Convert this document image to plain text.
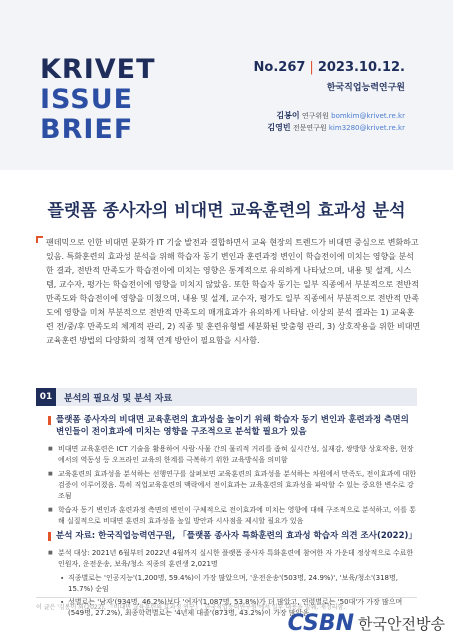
KRIVET
ISSUE
BRIEF
No.267 | 2023.10.12.
한국직업능력연구원
김봉이 연구위원 bomkim@krivet.re.kr
김영빈 전문연구원 kim3280@krivet.re.kr
플랫폼 종사자의 비대면 교육훈련의 효과성 분석
팬데믹으로 인한 비대면 문화가 IT 기술 발전과 결합하면서 교육 현장의 트렌드가 비대면 중심으로 변화하고 있음. 특화훈련의 효과성 분석을 위해 학습자 동기 변인과 훈련과정 변인이 학습전이에 미치는 영향을 분석한 결과, 전반적 만족도가 학습전이에 미치는 영향은 통계적으로 유의하게 나타났으며, 내용 및 설계, 시스템, 교수자, 평가는 학습전이에 영향을 미치지 않았음. 또한 학습자 동기는 일부 직종에서 부분적으로 전반적 만족도와 학습전이에 영향을 미쳤으며, 내용 및 설계, 교수자, 평가도 일부 직종에서 부분적으로 전반적 만족도에 영향을 미쳐 부분적으로 전반적 만족도의 매개효과가 유의하게 나타남. 이상의 분석 결과는 1) 교육훈련 전/중/후 만족도의 체계적 관리, 2) 직종 및 훈련유형별 세분화된 맞춤형 관리, 3) 상호작용을 위한 비대면 교육훈련 방법의 다양화의 정책 연계 방안이 필요함을 시사함.
01	분석의 필요성 및 분석 자료
플랫폼 종사자의 비대면 교육훈련의 효과성을 높이기 위해 학습자 동기 변인과 훈련과정 측면의 변인들이 전이효과에 미치는 영향을 구조적으로 분석할 필요가 있음
■ 비대면 교육훈련은 ICT 기술을 활용하여 사람·사물 간의 물리적 거리를 좁혀 실시간성, 실재감, 쌍방향 상호작용, 현장에서의 역동성 등 오프라인 교육의 한계를 극복하기 위한 교육방식을 의미함
■ 교육훈련의 효과성을 분석하는 선행연구를 살펴보면 교육훈련의 효과성을 분석하는 차원에서 만족도, 전이효과에 대한 검증이 이루어졌음. 특히 직업교육훈련의 맥락에서 전이효과는 교육훈련의 효과성을 파악할 수 있는 중요한 변수로 강조됨
■ 학습자 동기 변인과 훈련과정 측면의 변인이 구체적으로 전이효과에 미치는 영향에 대해 구조적으로 분석하고, 이를 통해 실질적으로 비대면 훈련의 효과성을 높일 방안과 시사점을 제시할 필요가 있음
분석 자료: 한국직업능력연구원, 「플랫폼 종사자 특화훈련의 효과성 학습자 의견 조사(2022)」
■ 분석 대상: 2021년 6월부터 2022년 4월까지 실시한 플랫폼 종사자 특화훈련에 참여한 자 가운데 정상적으로 수료한 인원자, 운전운송, 보육/청소 직종의 훈련생 2,021명
∙ 직종별로는 '인공지능'(1,200명, 59.4%)이 가장 많았으며, '운전운송'(503명, 24.9%)', '보육/청소'(318명, 15.7%) 순임
∙ 성별로는 '남자'(934명, 46.2%)보다 '여자'(1,087명, 53.8%)가 더 많았고, 연령별로는 '50대'가 가장 많으며(549명, 27.2%), 최종학력별로는 '4년제 대졸'(873명, 43.2%)이 가장 많았음
이 글은 '김봉이 외(2022), 『비대면 교육훈련의 효과성 연구』, 한국직업능력연구원'에서 일부 내용을 발췌, 재정리함.
CSBN 한국안전방송
